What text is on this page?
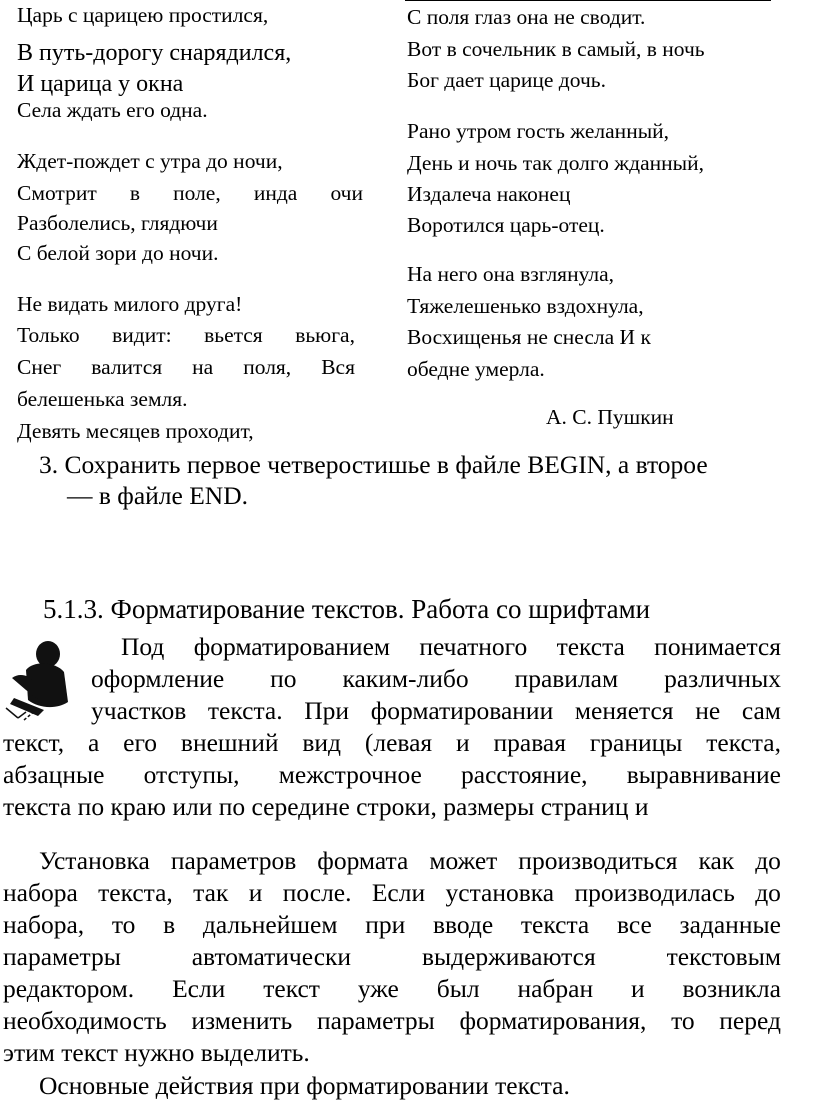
Царь с царицею простился,
В путь-дорогу снарядился,
И царица у окна
Села ждать его одна.
Ждет-пождет с утра до ночи,
Смотрит в поле, инда очи
Разболелись, глядючи
С белой зори до ночи.
Не видать милого друга!
Только видит: вьется вьюга,
Снег валится на поля, Вся
белешенька земля.
Девять месяцев проходит,
С поля глаз она не сводит.
Вот в сочельник в самый, в ночь
Бог дает царице дочь.
Рано утром гость желанный,
День и ночь так долго жданный,
Издалеча наконец
Воротился царь-отец.
На него она взглянула,
Тяжелешенько вздохнула,
Восхищенья не снесла И к
обедне умерла.
А. С. Пушкин
3. Сохранить первое четверостишье в файле BEGIN, а второе
— в файле END.
5.1.3. Форматирование текстов. Работа со шрифтами
Под форматированием печатного текста понимается
оформление по каким-либо правилам различных
участков текста. При форматировании меняется не сам
текст, а его внешний вид (левая и правая границы текста,
абзацные отступы, межстрочное расстояние, выравнивание
текста по краю или по середине строки, размеры страниц и
Установка параметров формата может производиться как до
набора текста, так и после. Если установка производилась до
набора, то в дальнейшем при вводе текста все заданные
параметры	автоматически	выдерживаются	текстовым
редактором. Если текст уже был набран и возникла
необходимость изменить параметры форматирования, то перед
этим текст нужно выделить.
Основные действия при форматировании текста.
